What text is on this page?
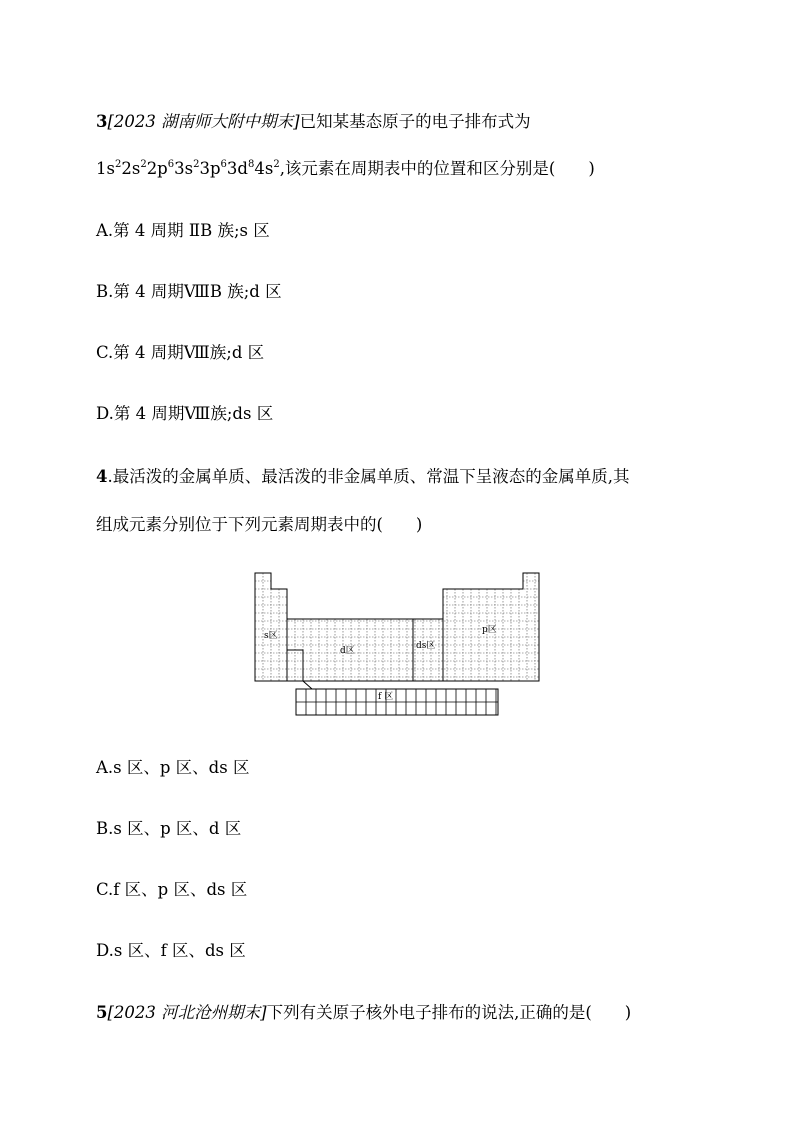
3[2023 湖南师大附中期末]已知某基态原子的电子排布式为
$1s^22s^22p^63s^23p^63d^84s^2$,该元素在周期表中的位置和区分别是(　　)
A.第 4 周期 ⅡB 族;s 区
B.第 4 周期ⅧB 族;d 区
C.第 4 周期Ⅷ族;d 区
D.第 4 周期Ⅷ族;ds 区
4.最活泼的金属单质、最活泼的非金属单质、常温下呈液态的金属单质,其
组成元素分别位于下列元素周期表中的(　　)
s区
d区	ds区
p区
f 区
A.s 区、p 区、ds 区
B.s 区、p 区、d 区
C.f 区、p 区、ds 区
D.s 区、f 区、ds 区
5[2023 河北沧州期末]下列有关原子核外电子排布的说法,正确的是(　　)
